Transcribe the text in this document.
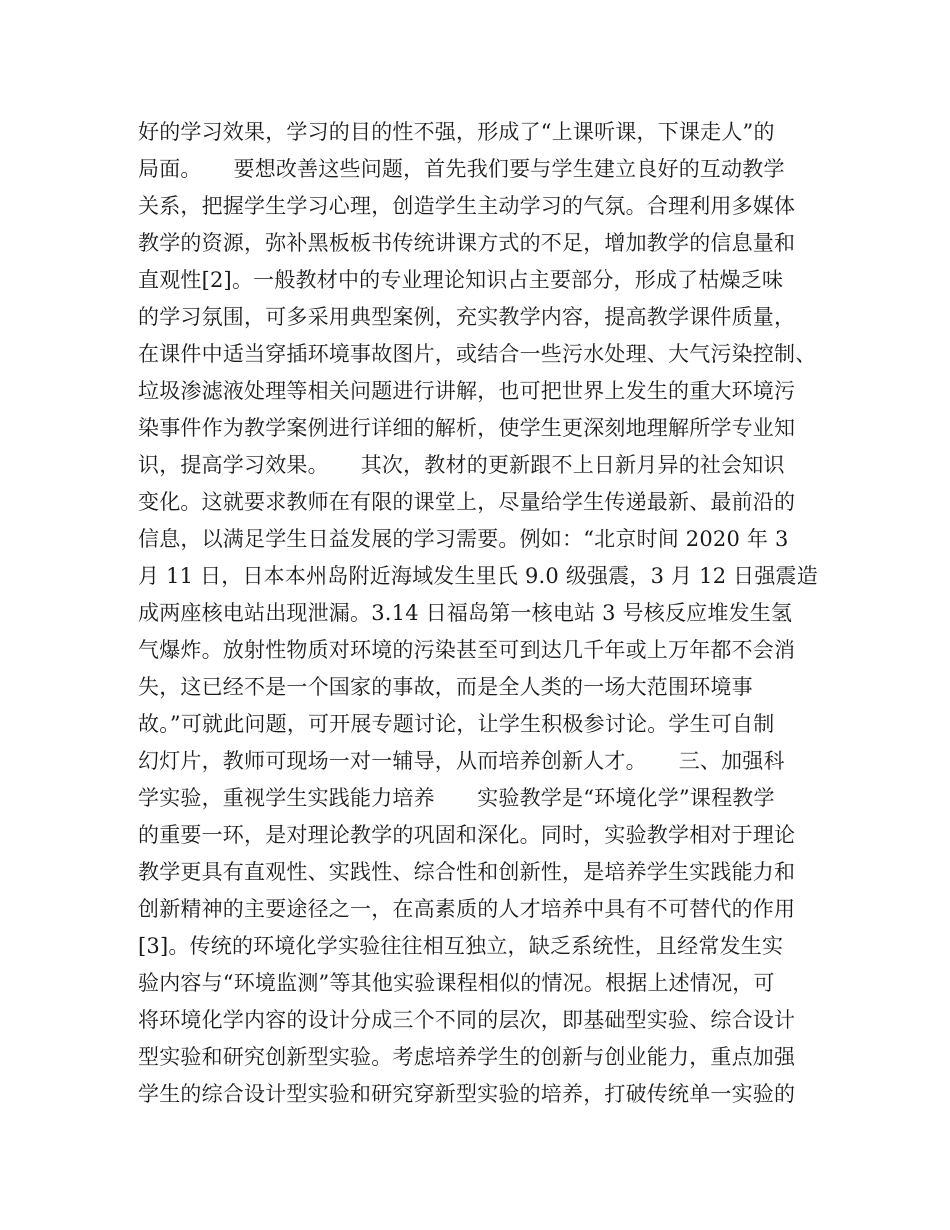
好的学习效果，学习的目的性不强，形成了“上课听课，下课走人”的
局面。　　要想改善这些问题，首先我们要与学生建立良好的互动教学
关系，把握学生学习心理，创造学生主动学习的气氛。合理利用多媒体
教学的资源，弥补黑板板书传统讲课方式的不足，增加教学的信息量和
直观性[2]。一般教材中的专业理论知识占主要部分，形成了枯燥乏味
的学习氛围，可多采用典型案例，充实教学内容，提高教学课件质量，
在课件中适当穿插环境事故图片，或结合一些污水处理、大气污染控制、
垃圾渗滤液处理等相关问题进行讲解，也可把世界上发生的重大环境污
染事件作为教学案例进行详细的解析，使学生更深刻地理解所学专业知
识，提高学习效果。　　其次，教材的更新跟不上日新月异的社会知识
变化。这就要求教师在有限的课堂上，尽量给学生传递最新、最前沿的
信息，以满足学生日益发展的学习需要。例如：“北京时间 2020 年 3
月 11 日，日本本州岛附近海域发生里氏 9.0 级强震，3 月 12 日强震造
成两座核电站出现泄漏。3.14 日福岛第一核电站 3 号核反应堆发生氢
气爆炸。放射性物质对环境的污染甚至可到达几千年或上万年都不会消
失，这已经不是一个国家的事故，而是全人类的一场大范围环境事
故。”可就此问题，可开展专题讨论，让学生积极参讨论。学生可自制
幻灯片，教师可现场一对一辅导，从而培养创新人才。　　三、加强科
学实验，重视学生实践能力培养　　实验教学是“环境化学”课程教学
的重要一环，是对理论教学的巩固和深化。同时，实验教学相对于理论
教学更具有直观性、实践性、综合性和创新性，是培养学生实践能力和
创新精神的主要途径之一，在高素质的人才培养中具有不可替代的作用
[3]。传统的环境化学实验往往相互独立，缺乏系统性，且经常发生实
验内容与“环境监测”等其他实验课程相似的情况。根据上述情况，可
将环境化学内容的设计分成三个不同的层次，即基础型实验、综合设计
型实验和研究创新型实验。考虑培养学生的创新与创业能力，重点加强
学生的综合设计型实验和研究穿新型实验的培养，打破传统单一实验的
